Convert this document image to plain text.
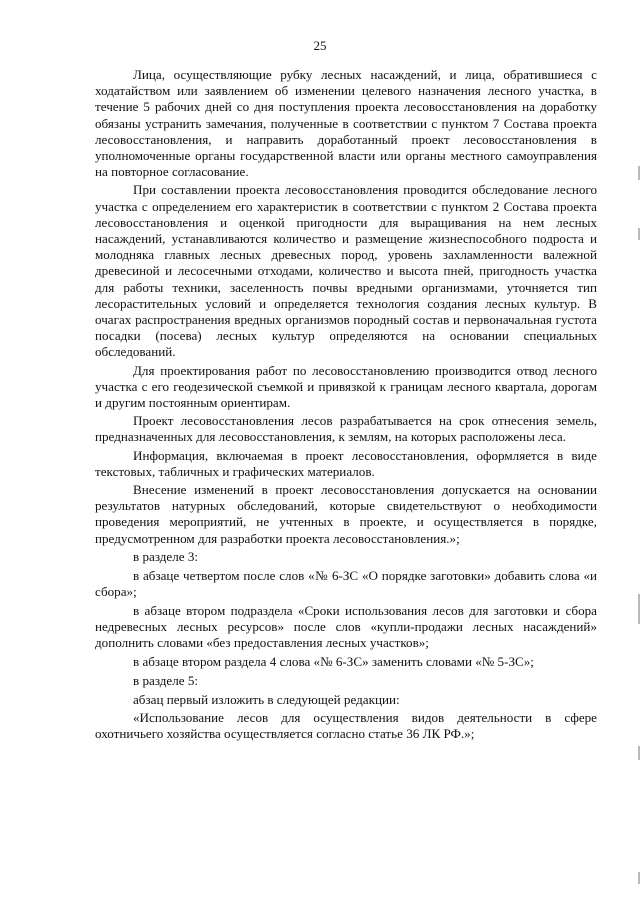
25

Лица, осуществляющие рубку лесных насаждений, и лица, обратившиеся с ходатайством или заявлением об изменении целевого назначения лесного участка, в течение 5 рабочих дней со дня поступления проекта лесовосстановления на доработку обязаны устранить замечания, полученные в соответствии с пунктом 7 Состава проекта лесовосстановления, и направить доработанный проект лесовосстановления в уполномоченные органы государственной власти или органы местного самоуправления на повторное согласование.

При составлении проекта лесовосстановления проводится обследование лесного участка с определением его характеристик в соответствии с пунктом 2 Состава проекта лесовосстановления и оценкой пригодности для выращивания на нем лесных насаждений, устанавливаются количество и размещение жизнеспособного подроста и молодняка главных лесных древесных пород, уровень захламленности валежной древесиной и лесосечными отходами, количество и высота пней, пригодность участка для работы техники, заселенность почвы вредными организмами, уточняется тип лесорастительных условий и определяется технология создания лесных культур. В очагах распространения вредных организмов породный состав и первоначальная густота посадки (посева) лесных культур определяются на основании специальных обследований.

Для проектирования работ по лесовосстановлению производится отвод лесного участка с его геодезической съемкой и привязкой к границам лесного квартала, дорогам и другим постоянным ориентирам.

Проект лесовосстановления лесов разрабатывается на срок отнесения земель, предназначенных для лесовосстановления, к землям, на которых расположены леса.

Информация, включаемая в проект лесовосстановления, оформляется в виде текстовых, табличных и графических материалов.

Внесение изменений в проект лесовосстановления допускается на основании результатов натурных обследований, которые свидетельствуют о необходимости проведения мероприятий, не учтенных в проекте, и осуществляется в порядке, предусмотренном для разработки проекта лесовосстановления.»;

в разделе 3:

в абзаце четвертом после слов «№ 6-ЗС «О порядке заготовки» добавить слова «и сбора»;

в абзаце втором подраздела «Сроки использования лесов для заготовки и сбора недревесных лесных ресурсов» после слов «купли-продажи лесных насаждений» дополнить словами «без предоставления лесных участков»;

в абзаце втором раздела 4 слова «№ 6-ЗС» заменить словами «№ 5-ЗС»;

в разделе 5:

абзац первый изложить в следующей редакции:

«Использование лесов для осуществления видов деятельности в сфере охотничьего хозяйства осуществляется согласно статье 36 ЛК РФ.»;
